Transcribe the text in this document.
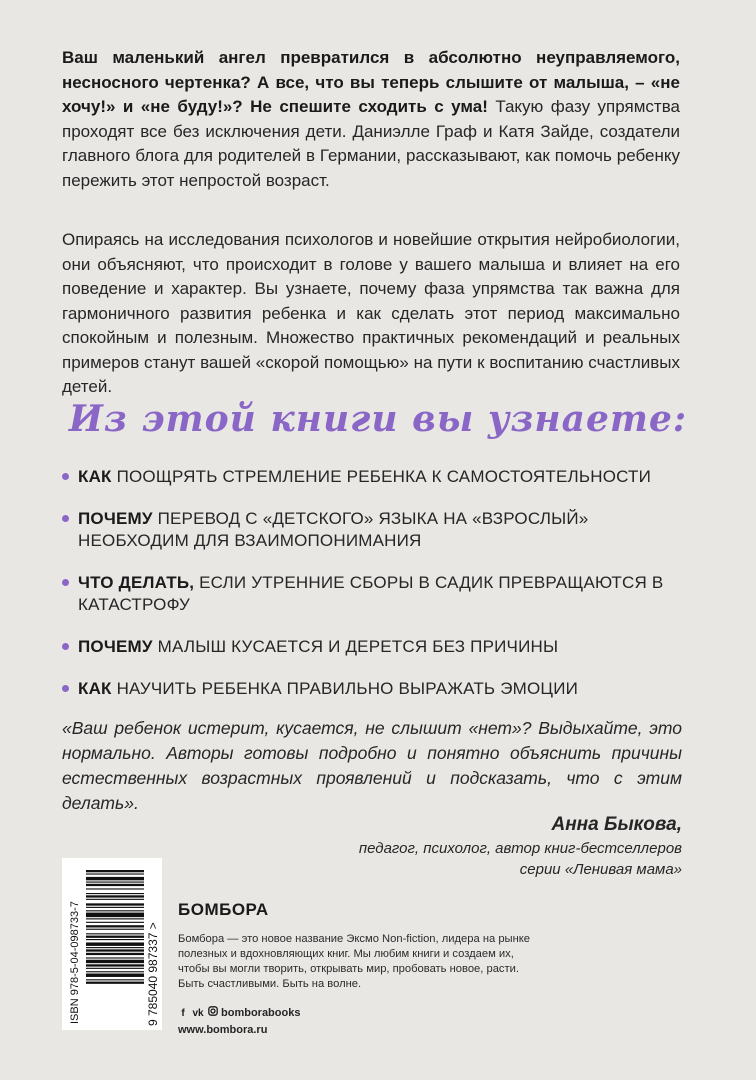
Ваш маленький ангел превратился в абсолютно неуправляемого, несносного чертенка? А все, что вы теперь слышите от малыша, – «не хочу!» и «не буду!»? Не спешите сходить с ума! Такую фазу упрямства проходят все без исключения дети. Даниэлле Граф и Катя Зайде, создатели главного блога для родителей в Германии, рассказывают, как помочь ребенку пережить этот непростой возраст.

Опираясь на исследования психологов и новейшие открытия нейробиологии, они объясняют, что происходит в голове у вашего малыша и влияет на его поведение и характер. Вы узнаете, почему фаза упрямства так важна для гармоничного развития ребенка и как сделать этот период максимально спокойным и полезным. Множество практичных рекомендаций и реальных примеров станут вашей «скорой помощью» на пути к воспитанию счастливых детей.

Из этой книги вы узнаете:
КАК ПООЩРЯТЬ СТРЕМЛЕНИЕ РЕБЕНКА К САМОСТОЯТЕЛЬНОСТИ
ПОЧЕМУ ПЕРЕВОД С «ДЕТСКОГО» ЯЗЫКА НА «ВЗРОСЛЫЙ» НЕОБХОДИМ ДЛЯ ВЗАИМОПОНИМАНИЯ
ЧТО ДЕЛАТЬ, ЕСЛИ УТРЕННИЕ СБОРЫ В САДИК ПРЕВРАЩАЮТСЯ В КАТАСТРОФУ
ПОЧЕМУ МАЛЫШ КУСАЕТСЯ И ДЕРЕТСЯ БЕЗ ПРИЧИНЫ
КАК НАУЧИТЬ РЕБЕНКА ПРАВИЛЬНО ВЫРАЖАТЬ ЭМОЦИИ

«Ваш ребенок истерит, кусается, не слышит «нет»? Выдыхайте, это нормально. Авторы готовы подробно и понятно объяснить причины естественных возрастных проявлений и подсказать, что с этим делать».

Анна Быкова,
педагог, психолог, автор книг-бестселлеров
серии «Ленивая мама»
ISBN 978-5-04-098733-7	9 785040 987337 >
БОМБОРА

Бомбора — это новое название Эксмо Non-fiction, лидера на рынке полезных и вдохновляющих книг. Мы любим книги и создаем их, чтобы вы могли творить, открывать мир, пробовать новое, расти. Быть счастливыми. Быть на волне.

f vk bomborabooks
www.bombora.ru
